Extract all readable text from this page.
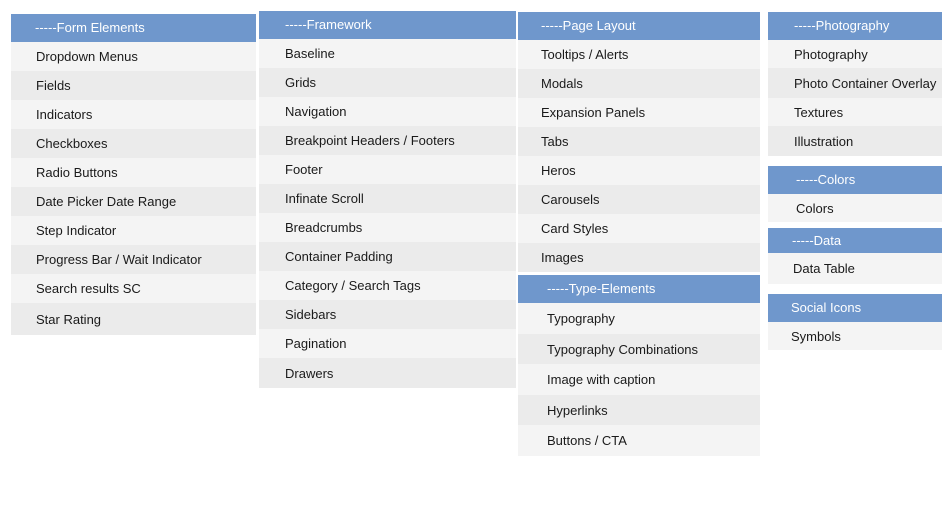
-----Form Elements
Dropdown Menus
Fields
Indicators
Checkboxes
Radio Buttons
Date Picker Date Range
Step Indicator
Progress Bar / Wait Indicator
Search results SC
Star Rating
-----Framework
Baseline
Grids
Navigation
Breakpoint Headers / Footers
Footer
Infinate Scroll
Breadcrumbs
Container Padding
Category / Search Tags
Sidebars
Pagination
Drawers
-----Page Layout
Tooltips / Alerts
Modals
Expansion Panels
Tabs
Heros
Carousels
Card Styles
Images
-----Type-Elements
Typography
Typography Combinations
Image with caption
Hyperlinks
Buttons / CTA
-----Photography
Photography
Photo Container Overlay
Textures
Illustration
-----Colors
Colors
-----Data
Data Table
Social Icons
Symbols
